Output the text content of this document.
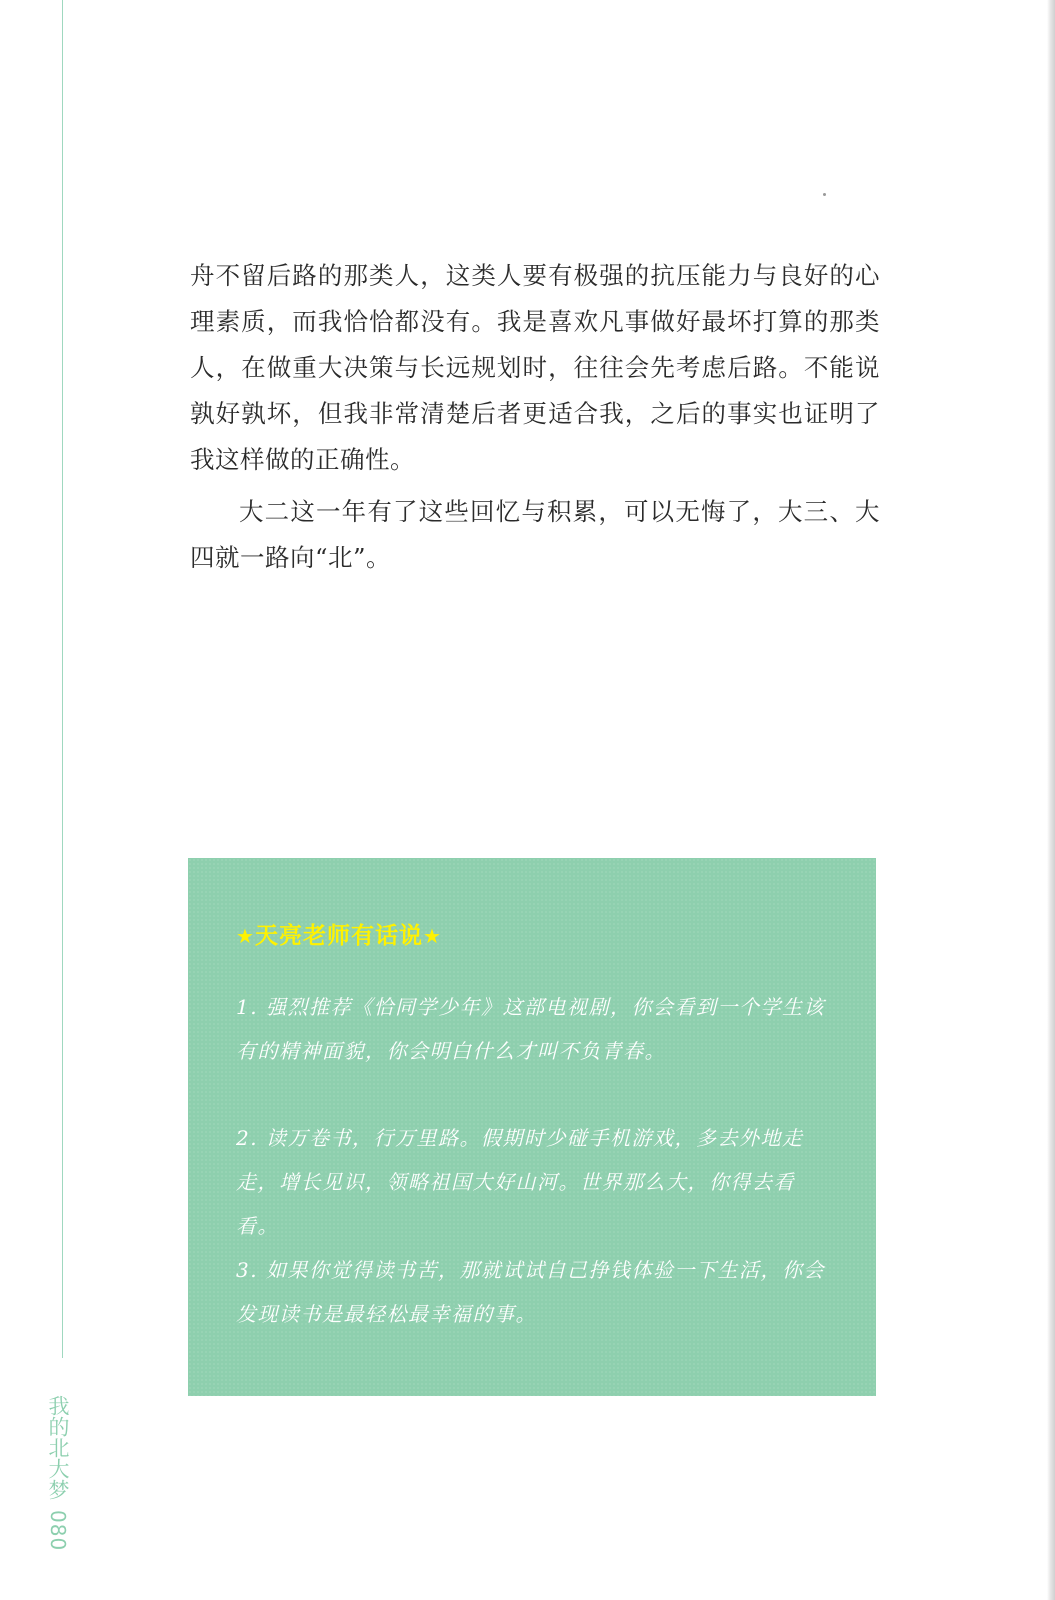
舟不留后路的那类人，这类人要有极强的抗压能力与良好的心理素质，而我恰恰都没有。我是喜欢凡事做好最坏打算的那类人，在做重大决策与长远规划时，往往会先考虑后路。不能说孰好孰坏，但我非常清楚后者更适合我，之后的事实也证明了我这样做的正确性。

大二这一年有了这些回忆与积累，可以无悔了，大三、大四就一路向“北”。

★天亮老师有话说★
1. 强烈推荐《恰同学少年》这部电视剧，你会看到一个学生该有的精神面貌，你会明白什么才叫不负青春。
2. 读万卷书，行万里路。假期时少碰手机游戏，多去外地走走，增长见识，领略祖国大好山河。世界那么大，你得去看看。
3. 如果你觉得读书苦，那就试试自己挣钱体验一下生活，你会发现读书是最轻松最幸福的事。
我的北大梦
080
